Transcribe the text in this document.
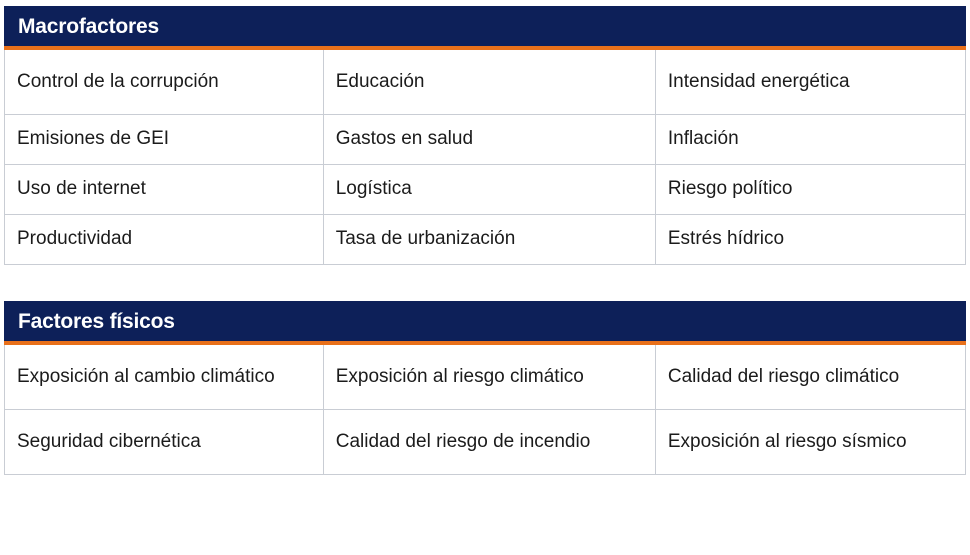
Macrofactores
Control de la corrupción	Educación	Intensidad energética
Emisiones de GEI	Gastos en salud	Inflación
Uso de internet	Logística	Riesgo político
Productividad	Tasa de urbanización	Estrés hídrico
Factores físicos
Exposición al cambio climático	Exposición al riesgo climático	Calidad del riesgo climático
Seguridad cibernética	Calidad del riesgo de incendio	Exposición al riesgo sísmico
